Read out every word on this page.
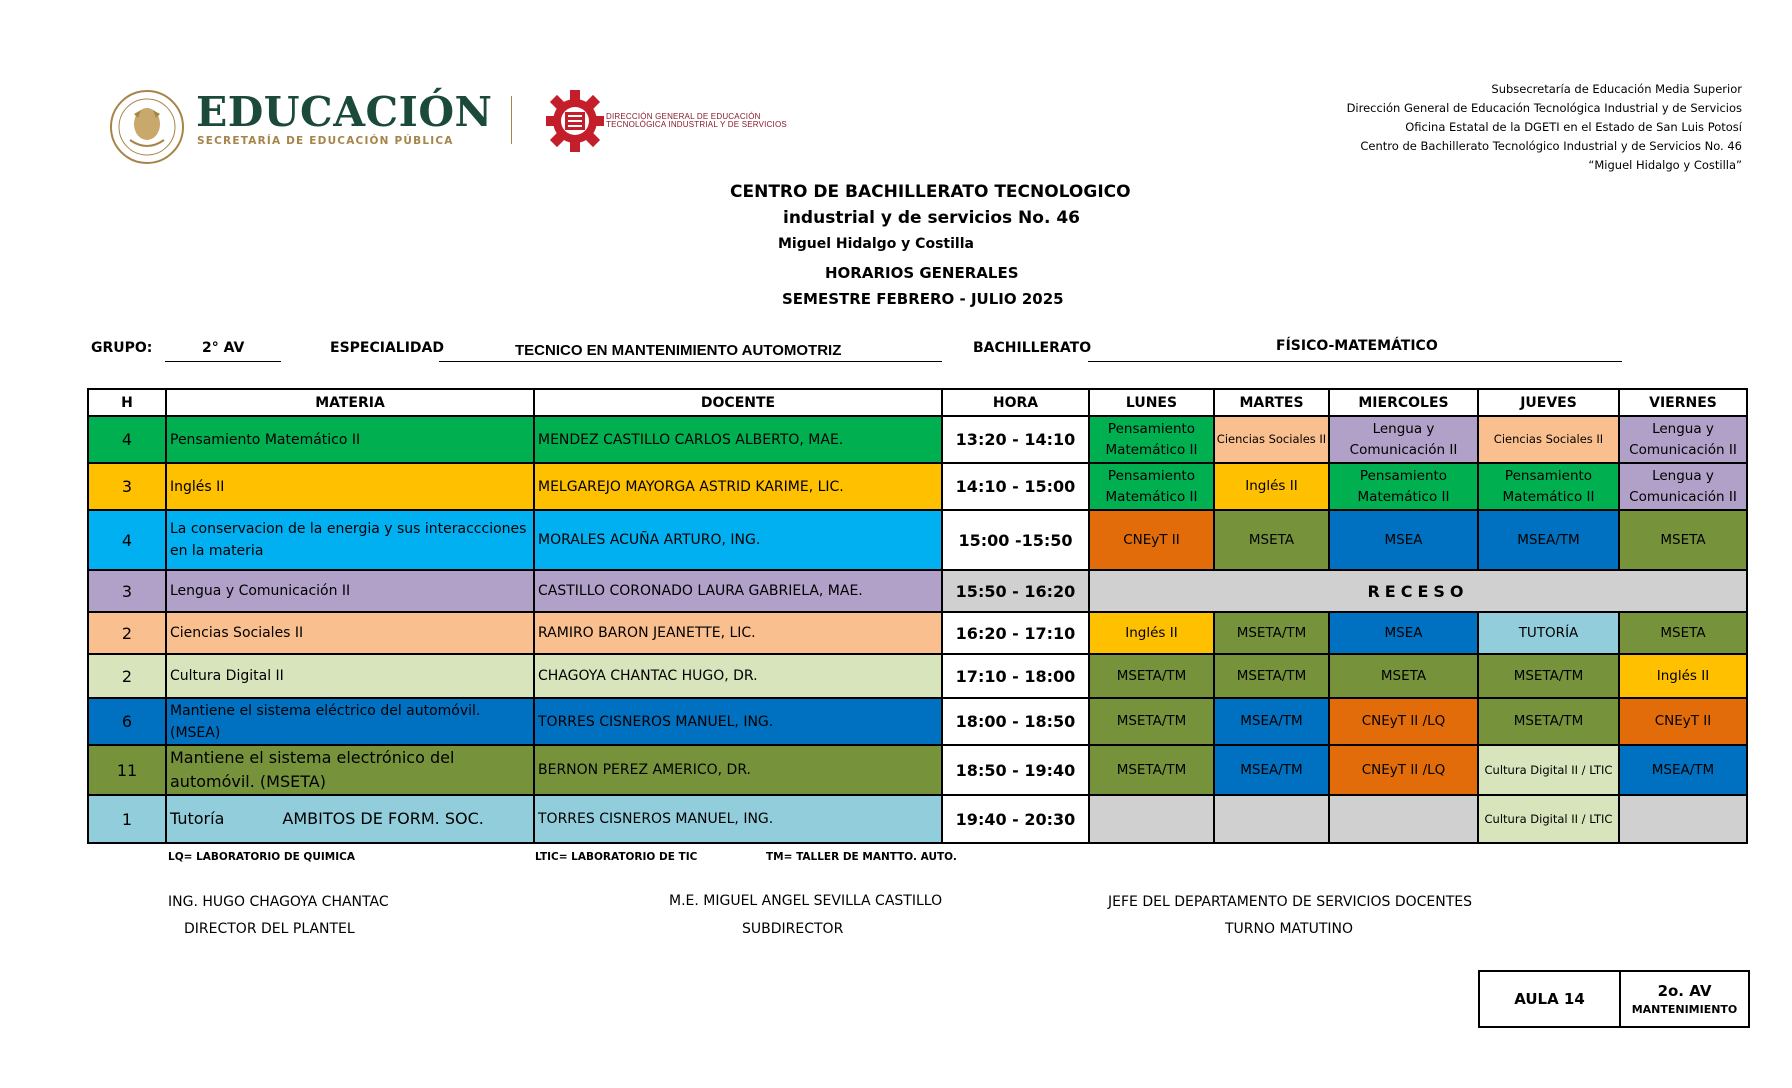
EDUCACIÓN
SECRETARÍA DE EDUCACIÓN PÚBLICA
DIRECCIÓN GENERAL DE EDUCACIÓN
TECNOLÓGICA INDUSTRIAL Y DE SERVICIOS
Subsecretaría de Educación Media Superior
Dirección General de Educación Tecnológica Industrial y de Servicios
Oficina Estatal de la DGETI en el Estado de San Luis Potosí
Centro de Bachillerato Tecnológico Industrial y de Servicios No. 46
“Miguel Hidalgo y Costilla”
CENTRO DE BACHILLERATO TECNOLOGICO
industrial y de servicios No. 46
Miguel Hidalgo y Costilla
HORARIOS GENERALES
SEMESTRE FEBRERO - JULIO 2025
GRUPO:	2° AV	ESPECIALIDAD	TECNICO EN MANTENIMIENTO AUTOMOTRIZ	BACHILLERATO	FÍSICO-MATEMÁTICO
H	MATERIA	DOCENTE	HORA	LUNES	MARTES	MIERCOLES	JUEVES	VIERNES
4	Pensamiento Matemático II	MENDEZ CASTILLO CARLOS ALBERTO, MAE.	13:20 - 14:10	Pensamiento Matemático II	Ciencias Sociales II	Lengua y Comunicación II	Ciencias Sociales II	Lengua y Comunicación II
3	Inglés II	MELGAREJO MAYORGA ASTRID KARIME, LIC.	14:10 - 15:00	Pensamiento Matemático II	Inglés II	Pensamiento Matemático II	Pensamiento Matemático II	Lengua y Comunicación II
4	La conservacion de la energia y sus interaccciones en la materia	MORALES ACUÑA ARTURO, ING.	15:00 -15:50	CNEyT II	MSETA	MSEA	MSEA/TM	MSETA
3	Lengua y Comunicación II	CASTILLO CORONADO LAURA GABRIELA, MAE.	15:50 - 16:20	RECESO				
2	Ciencias Sociales II	RAMIRO BARON JEANETTE, LIC.	16:20 - 17:10	Inglés II	MSETA/TM	MSEA	TUTORÍA	MSETA
2	Cultura Digital II	CHAGOYA CHANTAC HUGO, DR.	17:10 - 18:00	MSETA/TM	MSETA/TM	MSETA	MSETA/TM	Inglés II
6	Mantiene el sistema eléctrico del automóvil. (MSEA)	TORRES CISNEROS MANUEL, ING.	18:00 - 18:50	MSETA/TM	MSEA/TM	CNEyT II /LQ	MSETA/TM	CNEyT II
11	Mantiene el sistema electrónico del automóvil. (MSETA)	BERNON PEREZ AMERICO, DR.	18:50 - 19:40	MSETA/TM	MSEA/TM	CNEyT II /LQ	Cultura Digital II / LTIC	MSEA/TM
1	Tutoría AMBITOS DE FORM. SOC.	TORRES CISNEROS MANUEL, ING.	19:40 - 20:30				Cultura Digital II / LTIC	
LQ= LABORATORIO DE QUIMICA	LTIC= LABORATORIO DE TIC	TM= TALLER DE MANTTO. AUTO.
ING. HUGO CHAGOYA CHANTAC
DIRECTOR DEL PLANTEL
M.E. MIGUEL ANGEL SEVILLA CASTILLO
SUBDIRECTOR
JEFE DEL DEPARTAMENTO DE SERVICIOS DOCENTES
TURNO MATUTINO
AULA 14	2o. AV
MANTENIMIENTO
